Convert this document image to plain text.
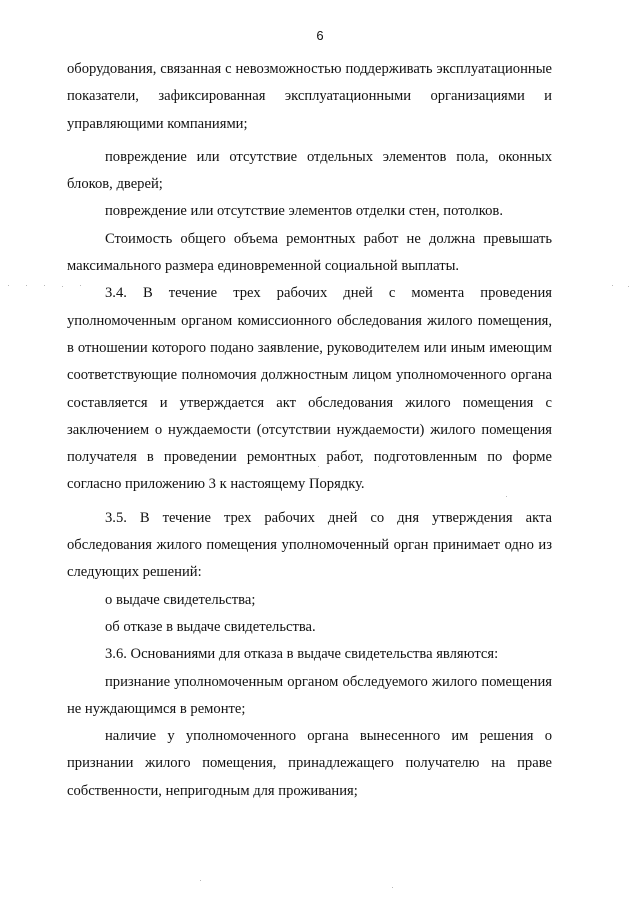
6

оборудования, связанная с невозможностью поддерживать эксплуатационные показатели, зафиксированная эксплуатационными организациями и управляющими компаниями;

повреждение или отсутствие отдельных элементов пола, оконных блоков, дверей;

повреждение или отсутствие элементов отделки стен, потолков.

Стоимость общего объема ремонтных работ не должна превышать максимального размера единовременной социальной выплаты.

3.4. В течение трех рабочих дней с момента проведения уполномоченным органом комиссионного обследования жилого помещения, в отношении которого подано заявление, руководителем или иным имеющим соответствующие полномочия должностным лицом уполномоченного органа составляется и утверждается акт обследования жилого помещения с заключением о нуждаемости (отсутствии нуждаемости) жилого помещения получателя в проведении ремонтных работ, подготовленным по форме согласно приложению 3 к настоящему Порядку.

3.5. В течение трех рабочих дней со дня утверждения акта обследования жилого помещения уполномоченный орган принимает одно из следующих решений:

о выдаче свидетельства;

об отказе в выдаче свидетельства.

3.6. Основаниями для отказа в выдаче свидетельства являются:

признание уполномоченным органом обследуемого жилого помещения не нуждающимся в ремонте;

наличие у уполномоченного органа вынесенного им решения о признании жилого помещения, принадлежащего получателю на праве собственности, непригодным для проживания;
